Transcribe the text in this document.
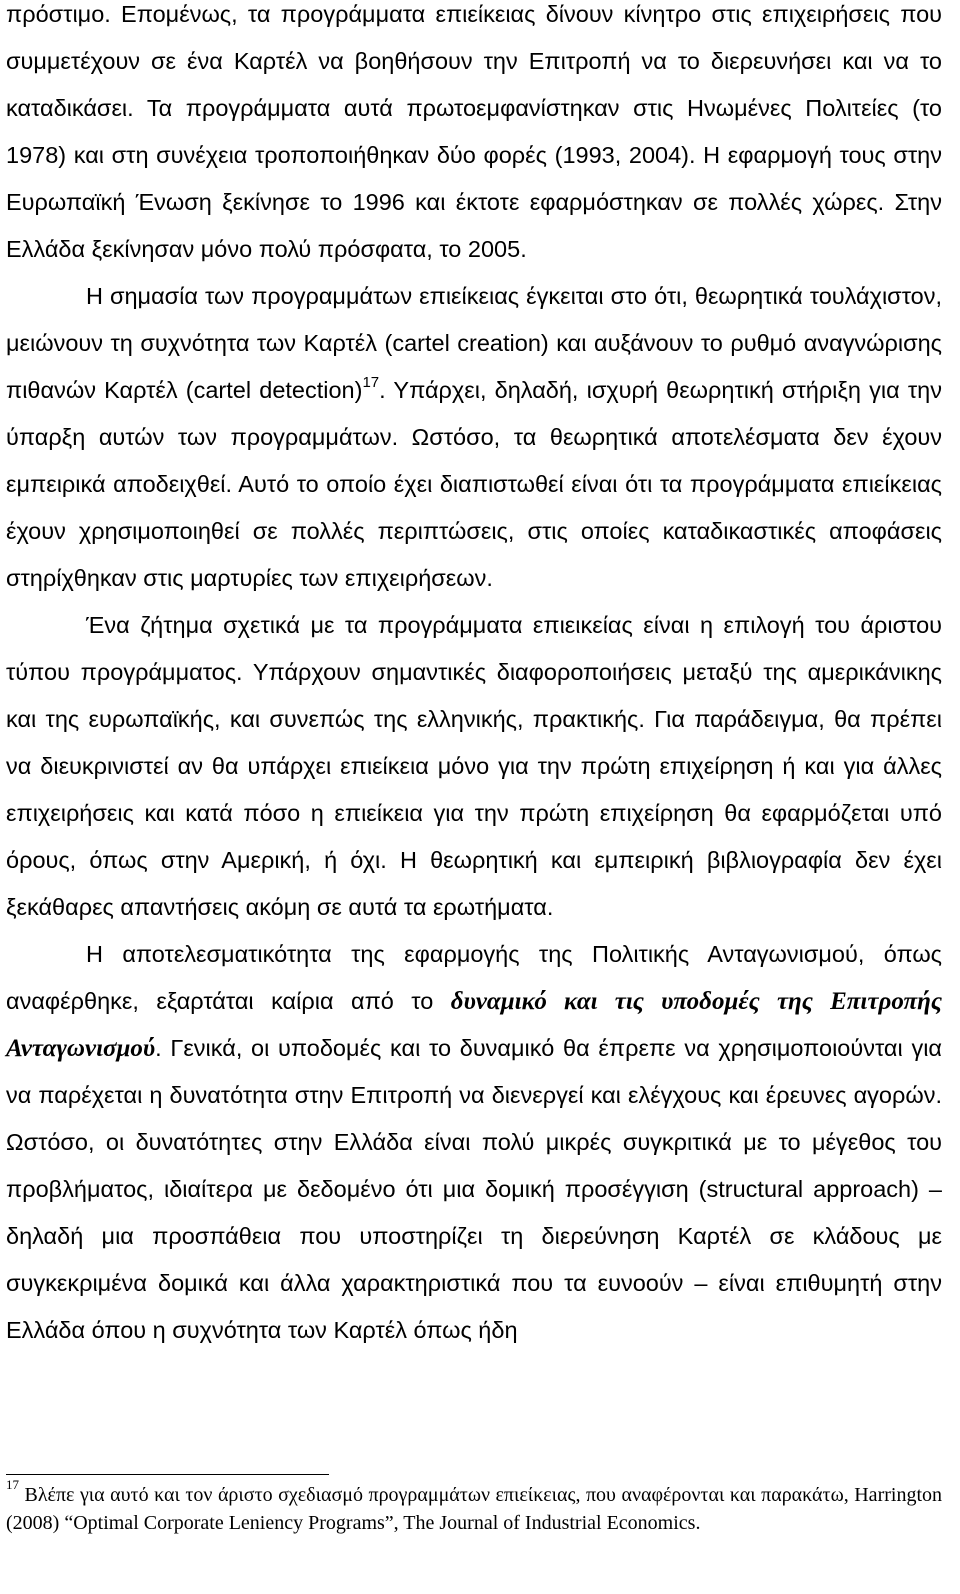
πρόστιμο. Επομένως, τα προγράμματα επιείκειας δίνουν κίνητρο στις επιχειρήσεις που συμμετέχουν σε ένα Καρτέλ να βοηθήσουν την Επιτροπή να το διερευνήσει και να το καταδικάσει. Τα προγράμματα αυτά πρωτοεμφανίστηκαν στις Ηνωμένες Πολιτείες (το 1978) και στη συνέχεια τροποποιήθηκαν δύο φορές (1993, 2004). Η εφαρμογή τους στην Ευρωπαϊκή Ένωση ξεκίνησε το 1996 και έκτοτε εφαρμόστηκαν σε πολλές χώρες. Στην Ελλάδα ξεκίνησαν μόνο πολύ πρόσφατα, το 2005.

Η σημασία των προγραμμάτων επιείκειας έγκειται στο ότι, θεωρητικά τουλάχιστον, μειώνουν τη συχνότητα των Καρτέλ (cartel creation) και αυξάνουν το ρυθμό αναγνώρισης πιθανών Καρτέλ (cartel detection)$^{17}$. Υπάρχει, δηλαδή, ισχυρή θεωρητική στήριξη για την ύπαρξη αυτών των προγραμμάτων. Ωστόσο, τα θεωρητικά αποτελέσματα δεν έχουν εμπειρικά αποδειχθεί. Αυτό το οποίο έχει διαπιστωθεί είναι ότι τα προγράμματα επιείκειας έχουν χρησιμοποιηθεί σε πολλές περιπτώσεις, στις οποίες καταδικαστικές αποφάσεις στηρίχθηκαν στις μαρτυρίες των επιχειρήσεων.

Ένα ζήτημα σχετικά με τα προγράμματα επιεικείας είναι η επιλογή του άριστου τύπου προγράμματος. Υπάρχουν σημαντικές διαφοροποιήσεις μεταξύ της αμερικάνικης και της ευρωπαϊκής, και συνεπώς της ελληνικής, πρακτικής. Για παράδειγμα, θα πρέπει να διευκρινιστεί αν θα υπάρχει επιείκεια μόνο για την πρώτη επιχείρηση ή και για άλλες επιχειρήσεις και κατά πόσο η επιείκεια για την πρώτη επιχείρηση θα εφαρμόζεται υπό όρους, όπως στην Αμερική, ή όχι. Η θεωρητική και εμπειρική βιβλιογραφία δεν έχει ξεκάθαρες απαντήσεις ακόμη σε αυτά τα ερωτήματα.

Η αποτελεσματικότητα της εφαρμογής της Πολιτικής Ανταγωνισμού, όπως αναφέρθηκε, εξαρτάται καίρια από το δυναμικό και τις υποδομές της Επιτροπής Ανταγωνισμού. Γενικά, οι υποδομές και το δυναμικό θα έπρεπε να χρησιμοποιούνται για να παρέχεται η δυνατότητα στην Επιτροπή να διενεργεί και ελέγχους και έρευνες αγορών. Ωστόσο, οι δυνατότητες στην Ελλάδα είναι πολύ μικρές συγκριτικά με το μέγεθος του προβλήματος, ιδιαίτερα με δεδομένο ότι μια δομική προσέγγιση (structural approach) – δηλαδή μια προσπάθεια που υποστηρίζει τη διερεύνηση Καρτέλ σε κλάδους με συγκεκριμένα δομικά και άλλα χαρακτηριστικά που τα ευνοούν – είναι επιθυμητή στην Ελλάδα όπου η συχνότητα των Καρτέλ όπως ήδη

$^{17}$ Βλέπε για αυτό και τον άριστο σχεδιασμό προγραμμάτων επιείκειας, που αναφέρονται και παρακάτω, Harrington (2008) “Optimal Corporate Leniency Programs”, The Journal of Industrial Economics.
